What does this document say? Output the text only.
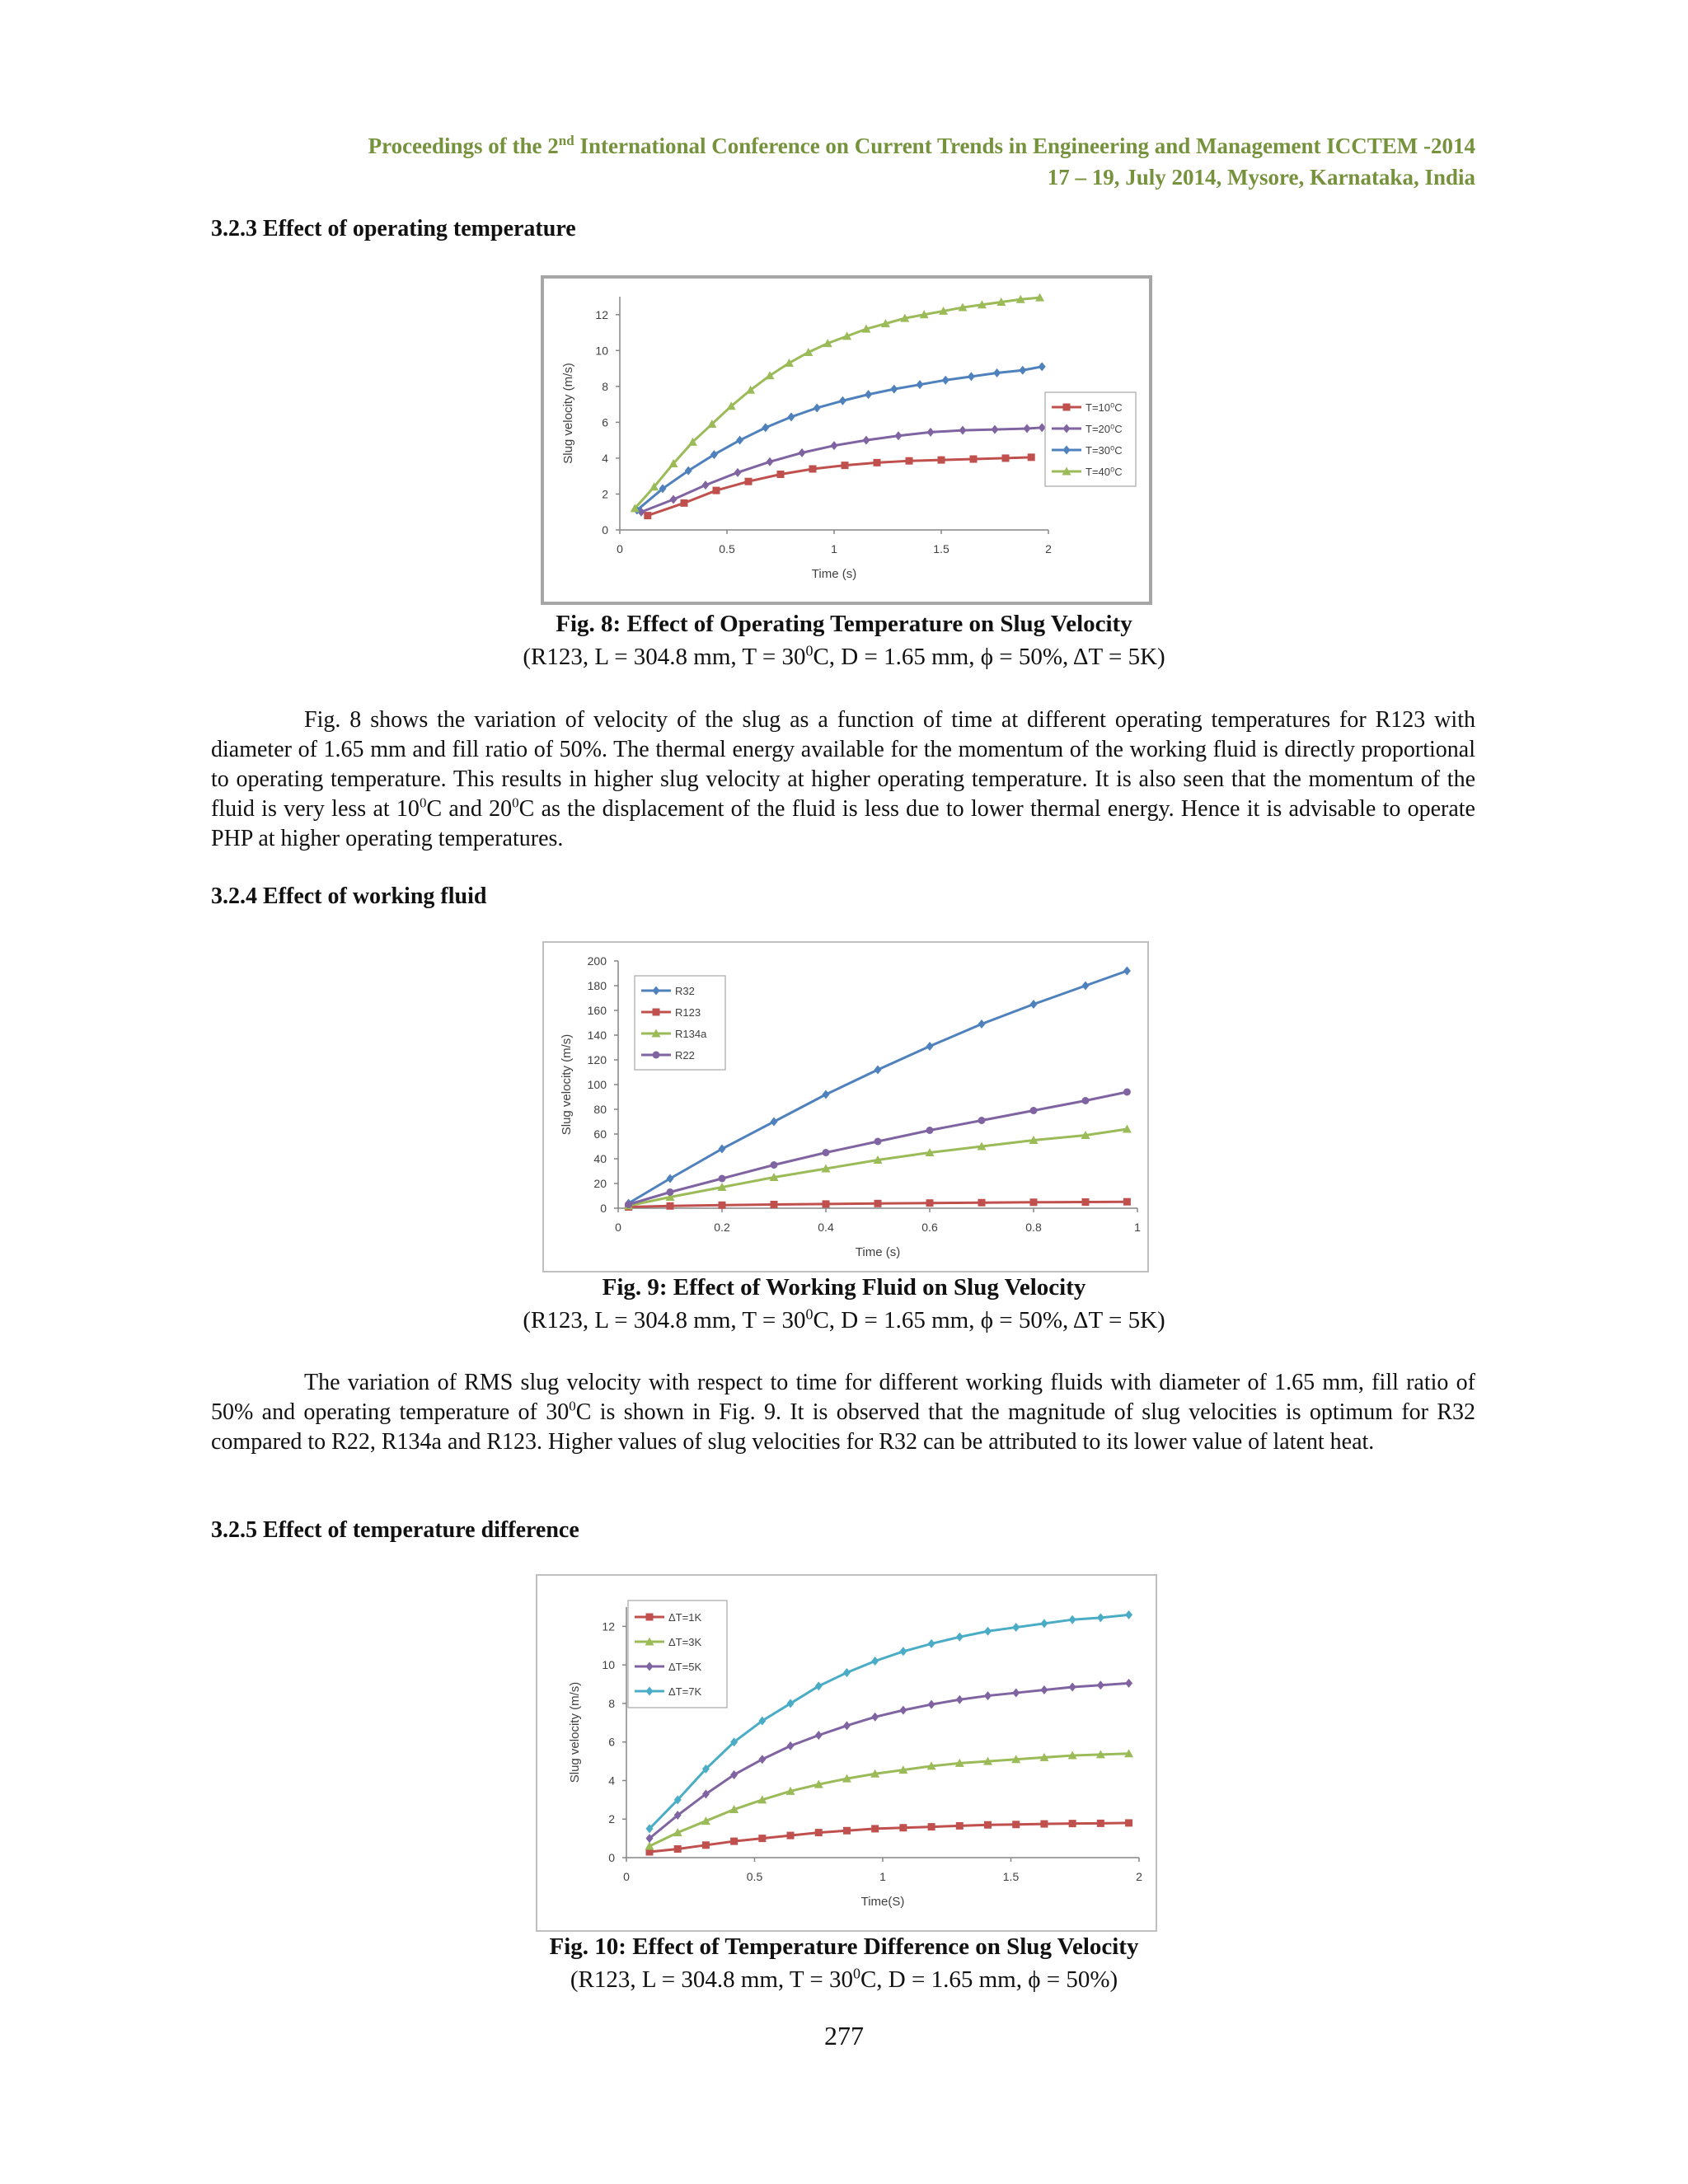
Proceedings of the 2nd International Conference on Current Trends in Engineering and Management ICCTEM -2014
17 – 19, July 2014, Mysore, Karnataka, India
3.2.3 Effect of operating temperature
0
2
4
6
8
10
12
0	0.5	1	1.5	2
Time (s)
Slug velocity (m/s)	T=10⁰C
T=20⁰C
T=30⁰C
T=40⁰C
Fig. 8: Effect of Operating Temperature on Slug Velocity
(R123, L = 304.8 mm, $T = 30^0C$, D = 1.65 mm, ϕ = 50%, ΔT = 5K)
Fig. 8 shows the variation of velocity of the slug as a function of time at different operating temperatures for R123 with diameter of 1.65 mm and fill ratio of 50%. The thermal energy available for the momentum of the working fluid is directly proportional to operating temperature. This results in higher slug velocity at higher operating temperature. It is also seen that the momentum of the fluid is very less at $10^0C$ and $20^0C$ as the displacement of the fluid is less due to lower thermal energy. Hence it is advisable to operate PHP at higher operating temperatures.
3.2.4 Effect of working fluid
0
20
40
60
80
100
120
140
160
180
200
0	0.2	0.4	0.6	0.8	1
Time (s)
Slug velocity (m/s)
R32
R123
R134a
R22
Fig. 9: Effect of Working Fluid on Slug Velocity
(R123, L = 304.8 mm, $T = 30^0C$, D = 1.65 mm, ϕ = 50%, ΔT = 5K)
The variation of RMS slug velocity with respect to time for different working fluids with diameter of 1.65 mm, fill ratio of 50% and operating temperature of $30^0C$ is shown in Fig. 9. It is observed that the magnitude of slug velocities is optimum for R32 compared to R22, R134a and R123. Higher values of slug velocities for R32 can be attributed to its lower value of latent heat.
3.2.5 Effect of temperature difference
0
2
4
6
8
10
12
0	0.5	1	1.5	2
Time(S)
Slug velocity (m/s)
ΔT=1K
ΔT=3K
ΔT=5K
ΔT=7K
Fig. 10: Effect of Temperature Difference on Slug Velocity
(R123, L = 304.8 mm, $T = 30^0C$, D = 1.65 mm, ϕ = 50%)
277
